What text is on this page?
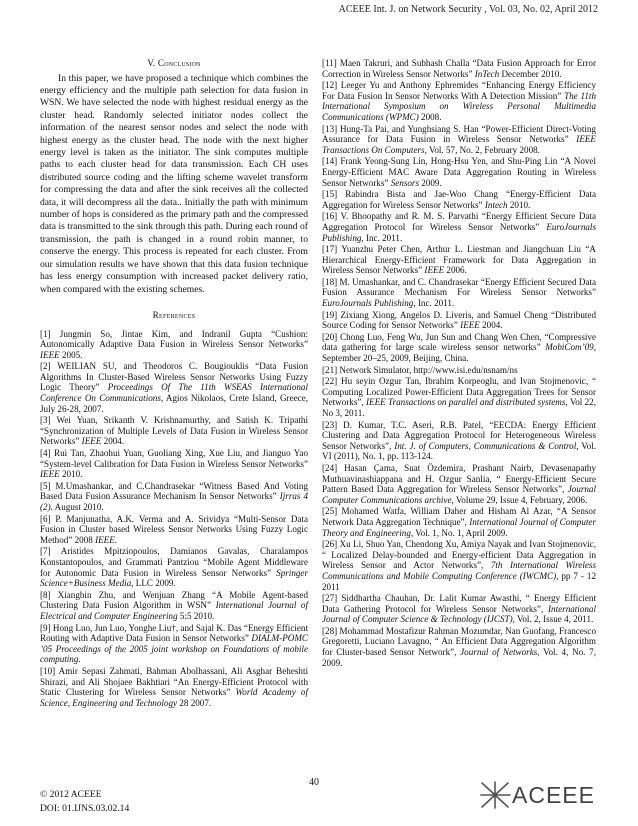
ACEEE Int. J. on Network Security , Vol. 03, No. 02, April 2012
V. Conclusion

In this paper, we have proposed a technique which combines the energy efficiency and the multiple path selection for data fusion in WSN. We have selected the node with highest residual energy as the cluster head. Randomly selected initiator nodes collect the information of the nearest sensor nodes and select the node with highest energy as the cluster head. The node with the next higher energy level is taken as the initiator. The sink computes multiple paths to each cluster head for data transmission. Each CH uses distributed source coding and the lifting scheme wavelet transform for compressing the data and after the sink receives all the collected data, it will decompress all the data.. Initially the path with minimum number of hops is considered as the primary path and the compressed data is transmitted to the sink through this path. During each round of transmission, the path is changed in a round robin manner, to conserve the energy. This process is repeated for each cluster. From our simulation results we have shown that this data fusion technique has less energy consumption with increased packet delivery ratio, when compared with the existing schemes.

References

[1] Jungmin So, Jintae Kim, and Indranil Gupta “Cushion: Autonomically Adaptive Data Fusion in Wireless Sensor Networks” IEEE 2005.

[2] WEILIAN SU, and Theodoros C. Bougiouklis “Data Fusion Algorithms In Cluster-Based Wireless Sensor Networks Using Fuzzy Logic Theory” Proceedings Of The 11th WSEAS International Conference On Communications, Agios Nikolaos, Crete Island, Greece, July 26-28, 2007.

[3] Wei Yuan, Srikanth V. Krishnamurthy, and Satish K. Tripathi “Synchronization of Multiple Levels of Data Fusion in Wireless Sensor Networks” IEEE 2004.

[4] Rui Tan, Zhaohui Yuan, Guoliang Xing, Xue Liu, and Jianguo Yao “System-level Calibration for Data Fusion in Wireless Sensor Networks” IEEE 2010.

[5] M.Umashankar, and C.Chandrasekar “Witness Based And Voting Based Data Fusion Assurance Mechanism In Sensor Networks” Ijrras 4 (2). August 2010.

[6] P. Manjunatha, A.K. Verma and A. Srividya “Multi-Sensor Data Fusion in Cluster based Wireless Sensor Networks Using Fuzzy Logic Method” 2008 IEEE.

[7] Aristides Mpitziopoulos, Damianos Gavalas, Charalampos Konstantopoulos, and Grammati Pantziou “Mobile Agent Middleware for Autonomic Data Fusion in Wireless Sensor Networks” Springer Science+Business Media, LLC 2009.

[8] Xiangbin Zhu, and Wenjuan Zhang “A Mobile Agent-based Clustering Data Fusion Algorithm in WSN” International Journal of Electrical and Computer Engineering 5:5 2010.

[9] Hong Luo, Jun Luo, Yonghe Liu†, and Sajal K. Das “Energy Efficient Routing with Adaptive Data Fusion in Sensor Networks” DIALM-POMC ’05 Proceedings of the 2005 joint workshop on Foundations of mobile computing.

[10] Amir Sepasi Zahmati, Bahman Abolhassani, Ali Asghar Beheshti Shirazi, and Ali Shojaee Bakhtiari “An Energy-Efficient Protocol with Static Clustering for Wireless Sensor Networks” World Academy of Science, Engineering and Technology 28 2007.

[11] Maen Takruri, and Subhash Challa “Data Fusion Approach for Error Correction in Wireless Sensor Networks” InTech December 2010.

[12] Leeger Yu and Anthony Ephremides “Enhancing Energy Efficiency For Data Fusion In Sensor Networks With A Detection Mission” The 11th International Symposium on Wireless Personal Multimedia Communications (WPMC) 2008.

[13] Hung-Ta Pai, and Yunghsiang S. Han “Power-Efficient Direct-Voting Assurance for Data Fusion in Wireless Sensor Networks” IEEE Transactions On Computers, Vol. 57, No. 2, February 2008.

[14] Frank Yeong-Sung Lin, Hong-Hsu Yen, and Shu-Ping Lin “A Novel Energy-Efficient MAC Aware Data Aggregation Routing in Wireless Sensor Networks” Sensors 2009.

[15] Rabindra Bista and Jae-Woo Chang “Energy-Efficient Data Aggregation for Wireless Sensor Networks” Intech 2010.

[16] V. Bhoopathy and R. M. S. Parvathi “Energy Efficient Secure Data Aggregation Protocol for Wireless Sensor Networks” EuroJournals Publishing, Inc. 2011.

[17] Yuanzhu Peter Chen, Arthur L. Liestman and Jiangchuan Liu “A Hierarchical Energy-Efficient Framework for Data Aggregation in Wireless Sensor Networks” IEEE 2006.

[18] M. Umashankar, and C. Chandrasekar “Energy Efficient Secured Data Fusion Assurance Mechanism For Wireless Sensor Networks” EuroJournals Publishing, Inc. 2011.

[19] Zixiang Xiong, Angelos D. Liveris, and Samuel Cheng “Distributed Source Coding for Sensor Networks” IEEE 2004.

[20] Chong Luo, Feng Wu, Jun Sun and Chang Wen Chen, “Compressive data gathering for large scale wireless sensor networks” MobiCom’09, September 20–25, 2009, Beijing, China.

[21] Network Simulator, http://www.isi.edu/nsnam/ns

[22] Hu seyin Ozgur Tan, Ibrahim Korpeoglu, and Ivan Stojmenovic, “ Computing Localized Power-Efficient Data Aggregation Trees for Sensor Networks”, IEEE Transactions on parallel and distributed systems, Vol 22, No 3, 2011.

[23] D. Kumar, T.C. Aseri, R.B. Patel, “EECDA: Energy Efficient Clustering and Data Aggregation Protocol for Heterogeneous Wireless Sensor Networks”, Int. J. of Computers, Communications & Control, Vol. VI (2011), No. 1, pp. 113-124.

[24] Hasan Çama, Suat Özdemira, Prashant Nairb, Devasenapathy Muthuavinashiappana and H. Ozgur Sanlia, “ Energy-Efficient Secure Pattern Based Data Aggregation for Wireless Sensor Networks”, Journal Computer Communications archive, Volume 29, Issue 4, February, 2006.

[25] Mohamed Watfa, William Daher and Hisham Al Azar, “A Sensor Network Data Aggregation Technique”, International Journal of Computer Theory and Engineering, Vol. 1, No. 1, April 2009.

[26] Xu Li, Shuo Yan, Chendong Xu, Amiya Nayak and Ivan Stojmenovic, “ Localized Delay-bounded and Energy-efficient Data Aggregation in Wireless Sensor and Actor Networks”, 7th International Wireless Communications and Mobile Computing Conference (IWCMC), pp 7 - 12 2011

[27] Siddhartha Chauhan, Dr. Lalit Kumar Awasthi, “ Energy Efficient Data Gathering Protocol for Wireless Sensor Networks”, International Journal of Computer Science & Technology (IJCST), Vol. 2, Issue 4, 2011.

[28] Mohammad Mostafizur Rahman Mozumdar, Nan Guofang, Francesco Gregoretti, Luciano Lavagno, “ An Efficient Data Aggregation Algorithm for Cluster-based Sensor Network”, Journal of Networks, Vol. 4, No. 7, 2009.

40
© 2012 ACEEE
DOI: 01.IJNS.03.02.14
ACEEE
